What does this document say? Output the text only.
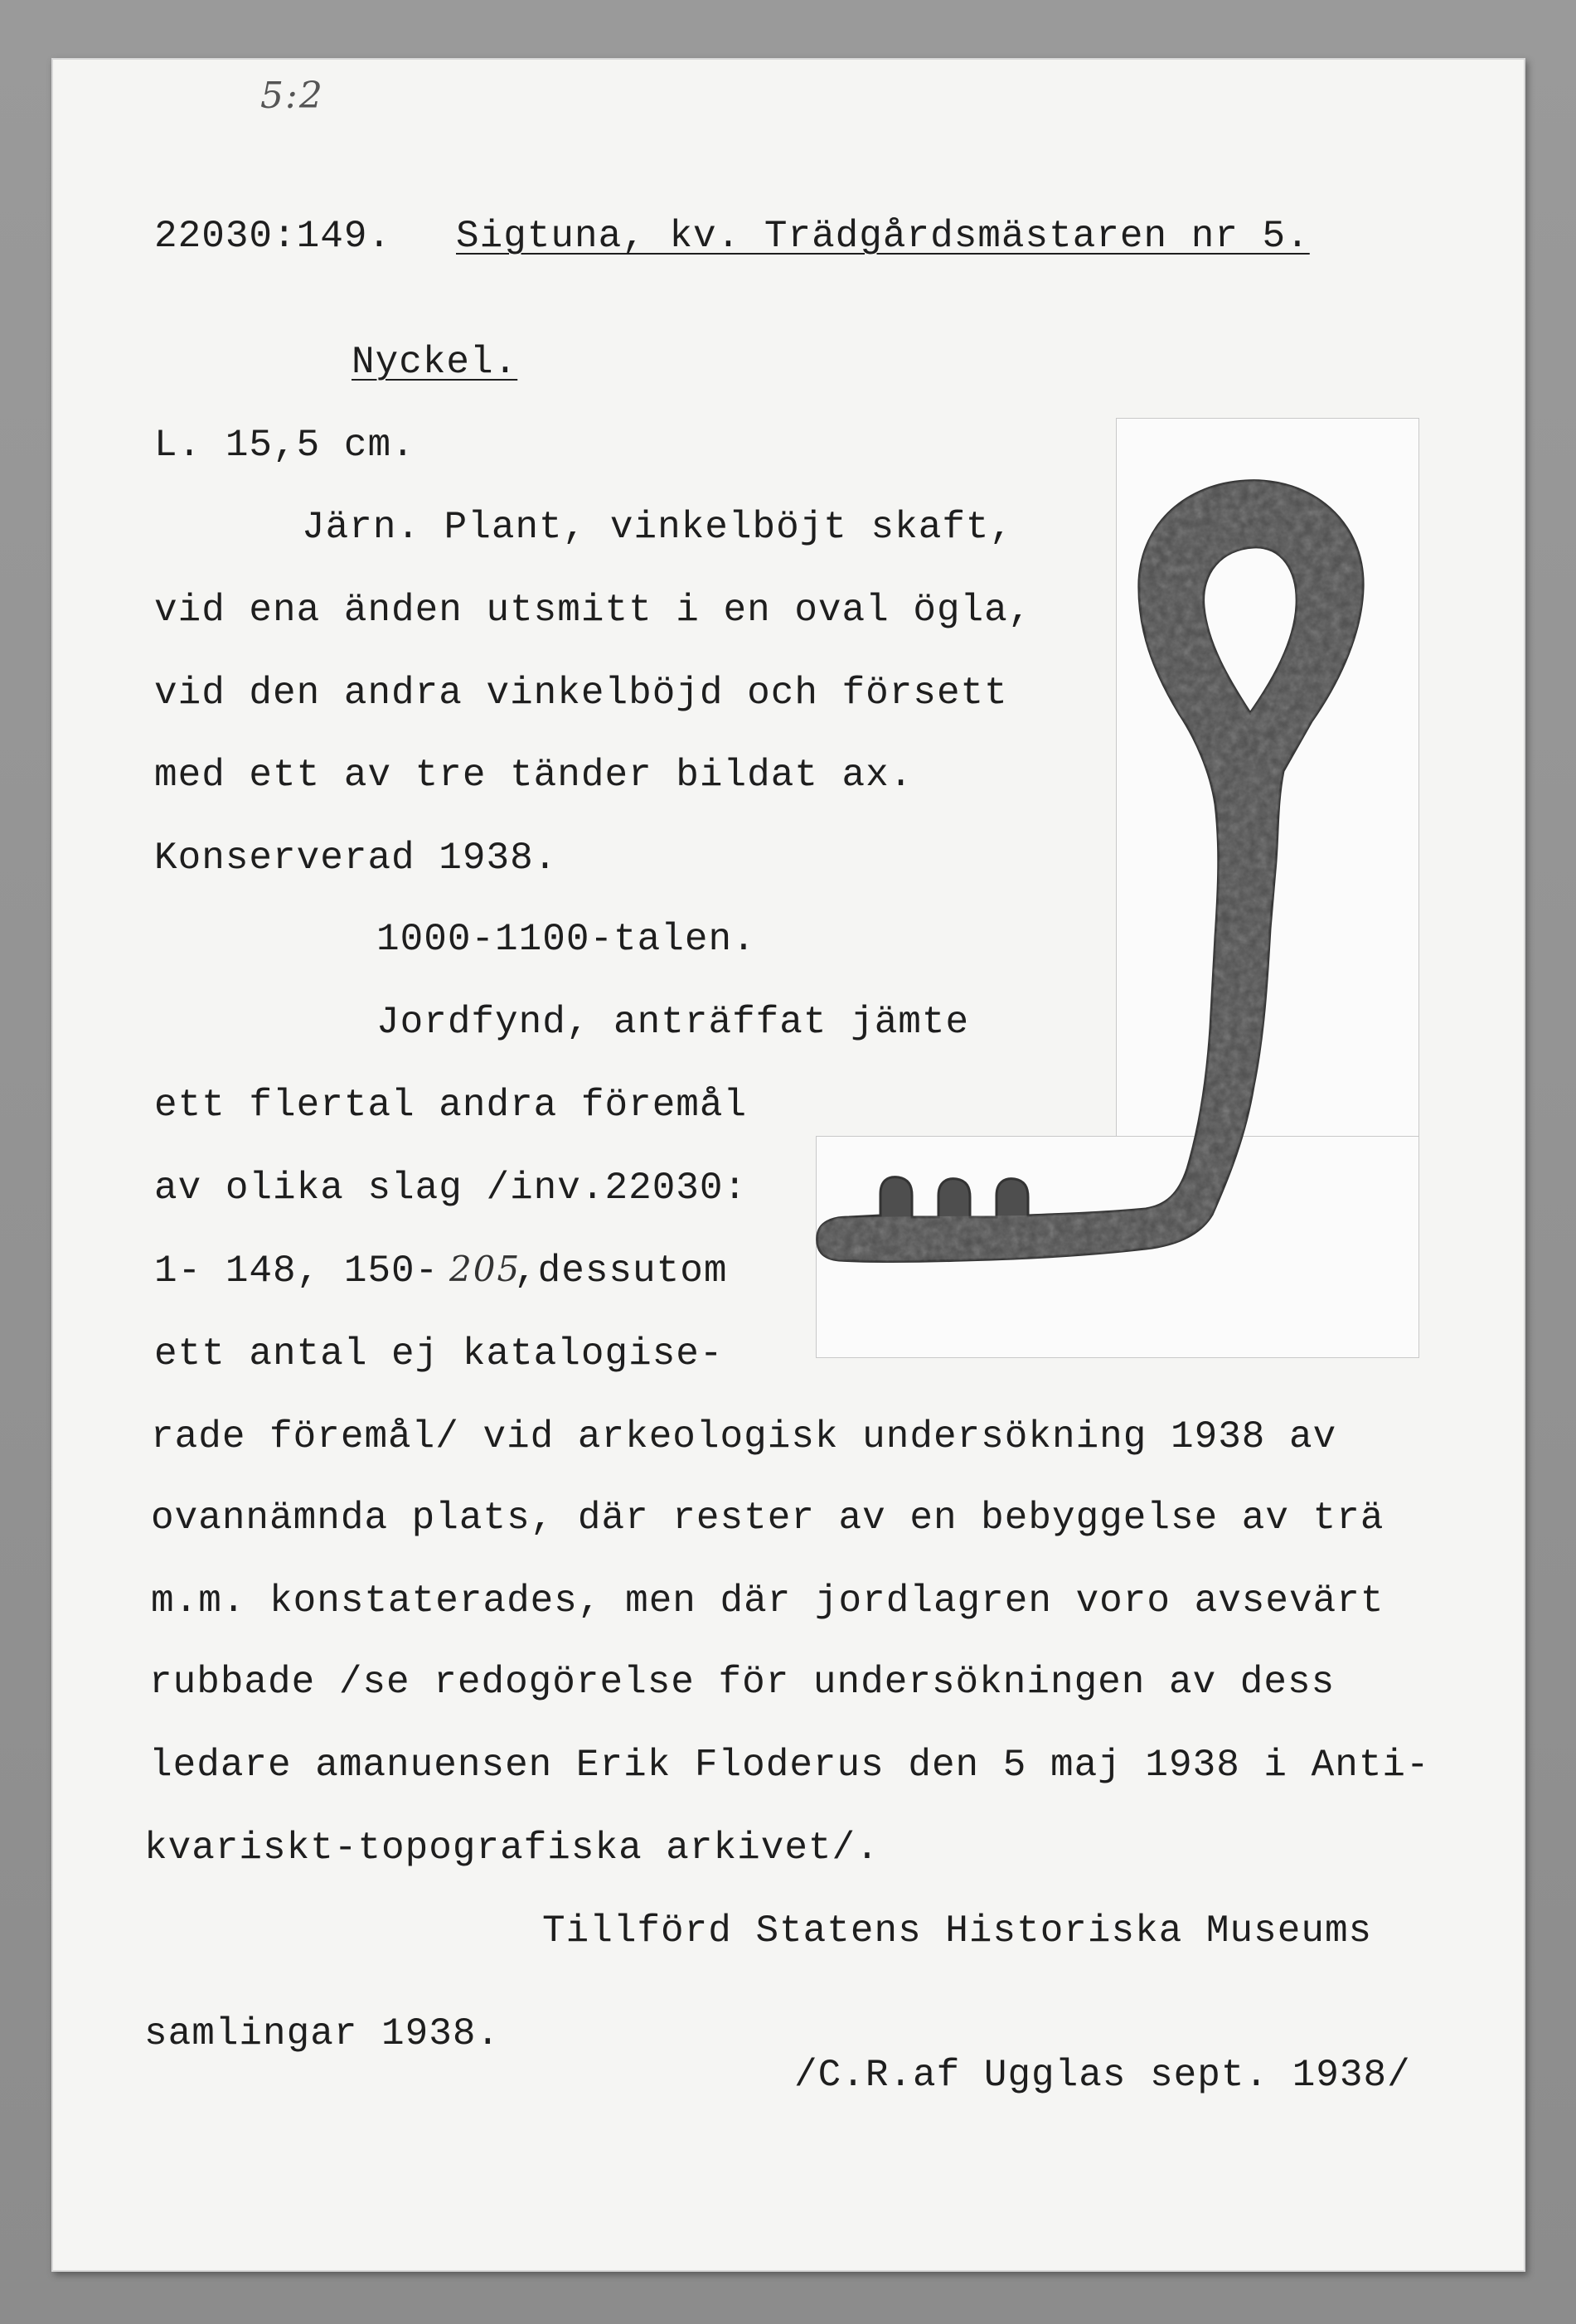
5:2

22030:149. Sigtuna, kv. Trädgårdsmästaren nr 5.

Nyckel.

L. 15,5 cm.

Järn. Plant, vinkelböjt skaft,

vid ena änden utsmitt i en oval ögla,

vid den andra vinkelböjd och försett

med ett av tre tänder bildat ax.

Konserverad 1938.

1000-1100-talen.

Jordfynd, anträffat jämte

ett flertal andra föremål

av olika slag /inv.22030:

1- 148, 150- 205

,dessutom

ett antal ej katalogise-

rade föremål/ vid arkeologisk undersökning 1938 av

ovannämnda plats, där rester av en bebyggelse av trä

m.m. konstaterades, men där jordlagren voro avsevärt

rubbade /se redogörelse för undersökningen av dess

ledare amanuensen Erik Floderus den 5 maj 1938 i Anti-

kvariskt-topografiska arkivet/.

Tillförd Statens Historiska Museums

samlingar 1938.

/C.R.af Ugglas sept. 1938/
